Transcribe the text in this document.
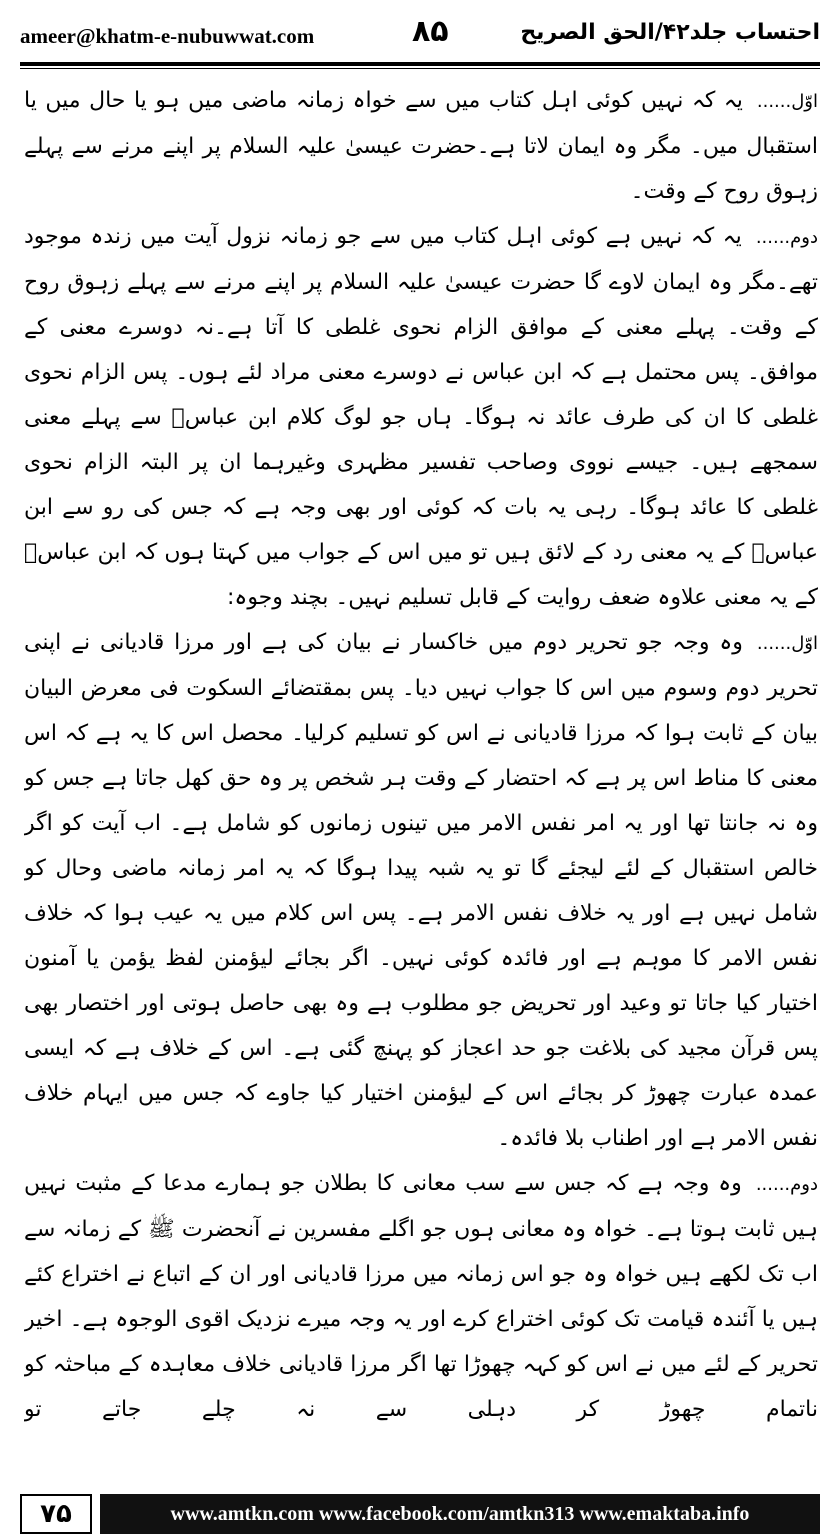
ameer@khatm-e-nubuwwat.com	٨۵	احتساب جلد۴۲/الحق الصریح

اوّل......یہ کہ نہیں کوئی اہل کتاب میں سے خواہ زمانہ ماضی میں ہو یا حال میں یا استقبال میں۔ مگر وہ ایمان لاتا ہے۔حضرت عیسیٰ علیہ السلام پر اپنے مرنے سے پہلے زہوق روح کے وقت۔

دوم......یہ کہ نہیں ہے کوئی اہل کتاب میں سے جو زمانہ نزول آیت میں زندہ موجود تھے۔مگر وہ ایمان لاوے گا حضرت عیسیٰ علیہ السلام پر اپنے مرنے سے پہلے زہوق روح کے وقت۔ پہلے معنی کے موافق الزام نحوی غلطی کا آتا ہے۔نہ دوسرے معنی کے موافق۔ پس محتمل ہے کہ ابن عباس نے دوسرے معنی مراد لئے ہوں۔ پس الزام نحوی غلطی کا ان کی طرف عائد نہ ہوگا۔ ہاں جو لوگ کلام ابن عباسؓ سے پہلے معنی سمجھے ہیں۔ جیسے نووی وصاحب تفسیر مظہری وغیرہما ان پر البتہ الزام نحوی غلطی کا عائد ہوگا۔ رہی یہ بات کہ کوئی اور بھی وجہ ہے کہ جس کی رو سے ابن عباسؓ کے یہ معنی رد کے لائق ہیں تو میں اس کے جواب میں کہتا ہوں کہ ابن عباسؓ کے یہ معنی علاوہ ضعف روایت کے قابل تسلیم نہیں۔ بچند وجوہ:

اوّل......وہ وجہ جو تحریر دوم میں خاکسار نے بیان کی ہے اور مرزا قادیانی نے اپنی تحریر دوم وسوم میں اس کا جواب نہیں دیا۔ پس بمقتضائے السکوت فی معرض البیان بیان کے ثابت ہوا کہ مرزا قادیانی نے اس کو تسلیم کرلیا۔ محصل اس کا یہ ہے کہ اس معنی کا مناط اس پر ہے کہ احتضار کے وقت ہر شخص پر وہ حق کھل جاتا ہے جس کو وہ نہ جانتا تھا اور یہ امر نفس الامر میں تینوں زمانوں کو شامل ہے۔ اب آیت کو اگر خالص استقبال کے لئے لیجئے گا تو یہ شبہ پیدا ہوگا کہ یہ امر زمانہ ماضی وحال کو شامل نہیں ہے اور یہ خلاف نفس الامر ہے۔ پس اس کلام میں یہ عیب ہوا کہ خلاف نفس الامر کا موہم ہے اور فائدہ کوئی نہیں۔ اگر بجائے لیؤمنن لفظ یؤمن یا آمنون اختیار کیا جاتا تو وعید اور تحریض جو مطلوب ہے وہ بھی حاصل ہوتی اور اختصار بھی پس قرآن مجید کی بلاغت جو حد اعجاز کو پہنچ گئی ہے۔ اس کے خلاف ہے کہ ایسی عمدہ عبارت چھوڑ کر بجائے اس کے لیؤمنن اختیار کیا جاوے کہ جس میں ایہام خلاف نفس الامر ہے اور اطناب بلا فائدہ۔

دوم......وہ وجہ ہے کہ جس سے سب معانی کا بطلان جو ہمارے مدعا کے مثبت نہیں ہیں ثابت ہوتا ہے۔ خواہ وہ معانی ہوں جو اگلے مفسرین نے آنحضرت ﷺ کے زمانہ سے اب تک لکھے ہیں خواہ وہ جو اس زمانہ میں مرزا قادیانی اور ان کے اتباع نے اختراع کئے ہیں یا آئندہ قیامت تک کوئی اختراع کرے اور یہ وجہ میرے نزدیک اقوی الوجوہ ہے۔ اخیر تحریر کے لئے میں نے اس کو کہہ چھوڑا تھا اگر مرزا قادیانی خلاف معاہدہ کے مباحثہ کو ناتمام چھوڑ کر دہلی سے نہ چلے جاتے تو

۷۵	www.amtkn.com www.facebook.com/amtkn313 www.emaktaba.info
